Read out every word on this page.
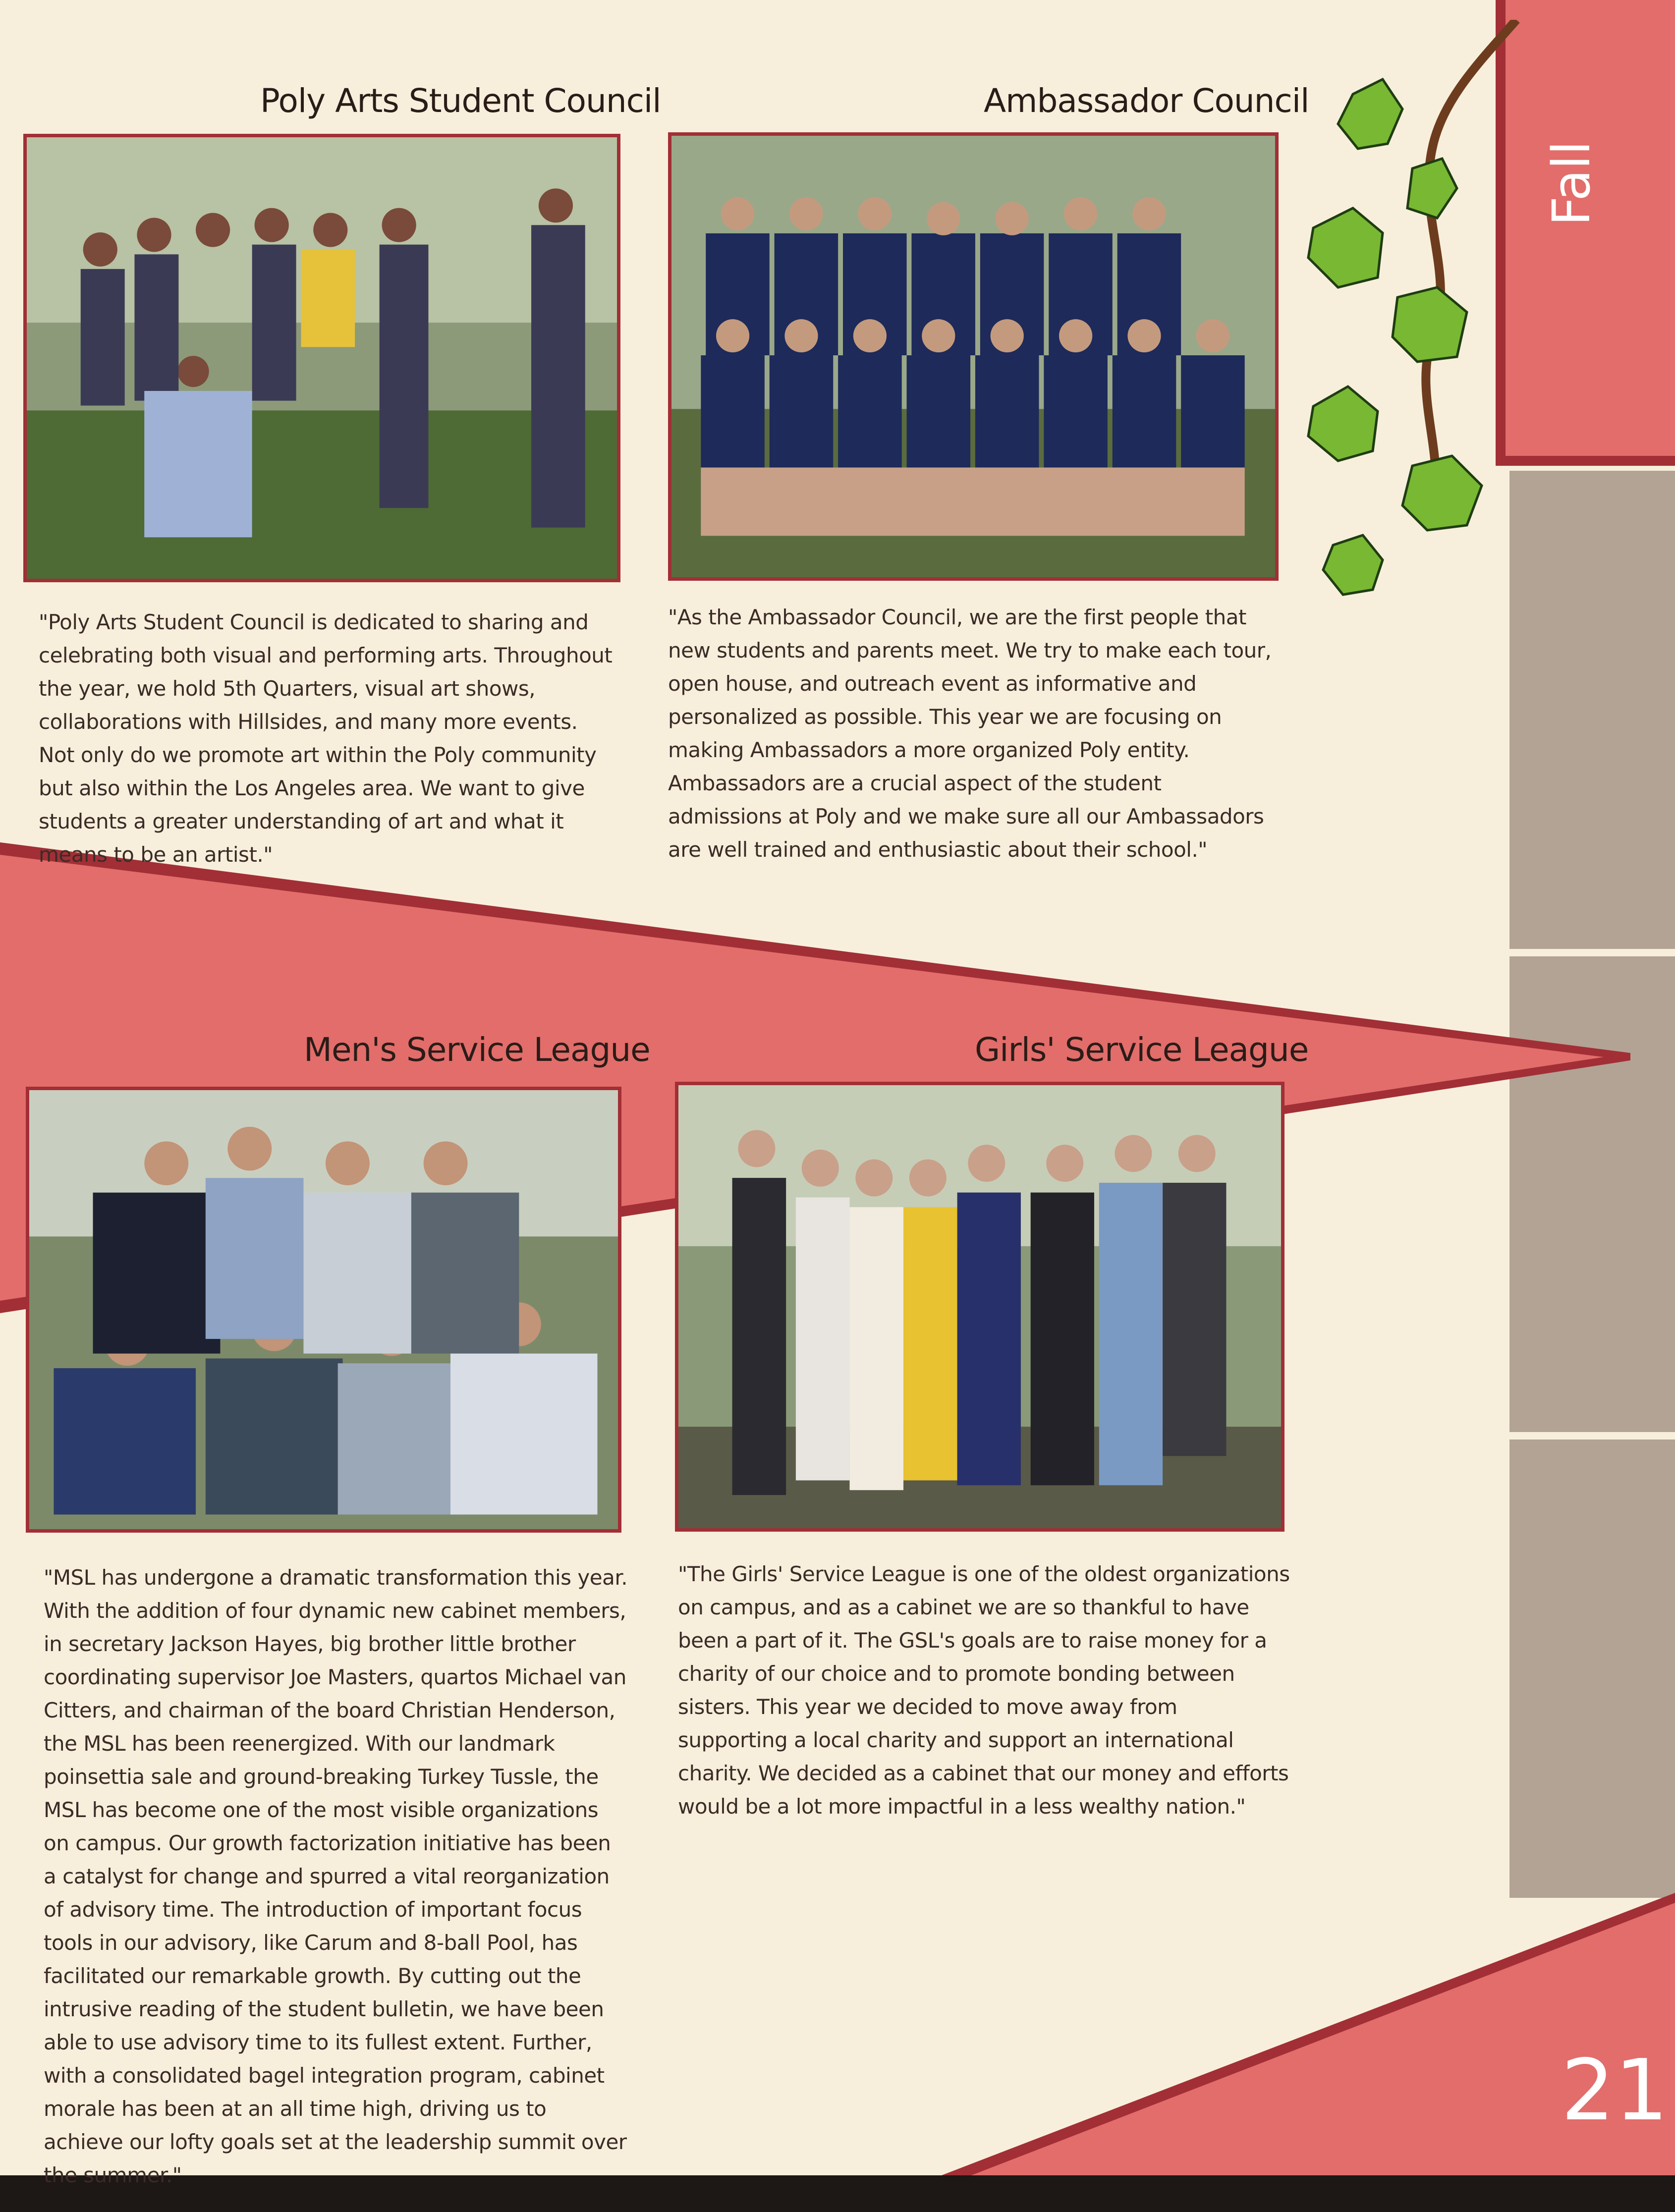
Fall
21
Poly Arts Student Council
"Poly Arts Student Council is dedicated to sharing and celebrating both visual and performing arts. Throughout the year, we hold 5th Quarters, visual art shows, collaborations with Hillsides, and many more events. Not only do we promote art within the Poly community but also within the Los Angeles area. We want to give students a greater understanding of art and what it means to be an artist."
Ambassador Council
"As the Ambassador Council, we are the first people that new students and parents meet. We try to make each tour, open house, and outreach event as informative and personalized as possible. This year we are focusing on making Ambassadors a more organized Poly entity. Ambassadors are a crucial aspect of the student admissions at Poly and we make sure all our Ambassadors are well trained and enthusiastic about their school."
Men's Service League
"MSL has undergone a dramatic transformation this year. With the addition of four dynamic new cabinet members, in secretary Jackson Hayes, big brother little brother coordinating supervisor Joe Masters, quartos Michael van Citters, and chairman of the board Christian Henderson, the MSL has been reenergized. With our landmark poinsettia sale and ground-breaking Turkey Tussle, the MSL has become one of the most visible organizations on campus. Our growth factorization initiative has been a catalyst for change and spurred a vital reorganization of advisory time. The introduction of important focus tools in our advisory, like Carum and 8-ball Pool, has facilitated our remarkable growth. By cutting out the intrusive reading of the student bulletin, we have been able to use advisory time to its fullest extent. Further, with a consolidated bagel integration program, cabinet morale has been at an all time high, driving us to achieve our lofty goals set at the leadership summit over the summer."
Girls' Service League
"The Girls' Service League is one of the oldest organizations on campus, and as a cabinet we are so thankful to have been a part of it. The GSL's goals are to raise money for a charity of our choice and to promote bonding between sisters. This year we decided to move away from supporting a local charity and support an international charity. We decided as a cabinet that our money and efforts would be a lot more impactful in a less wealthy nation."
